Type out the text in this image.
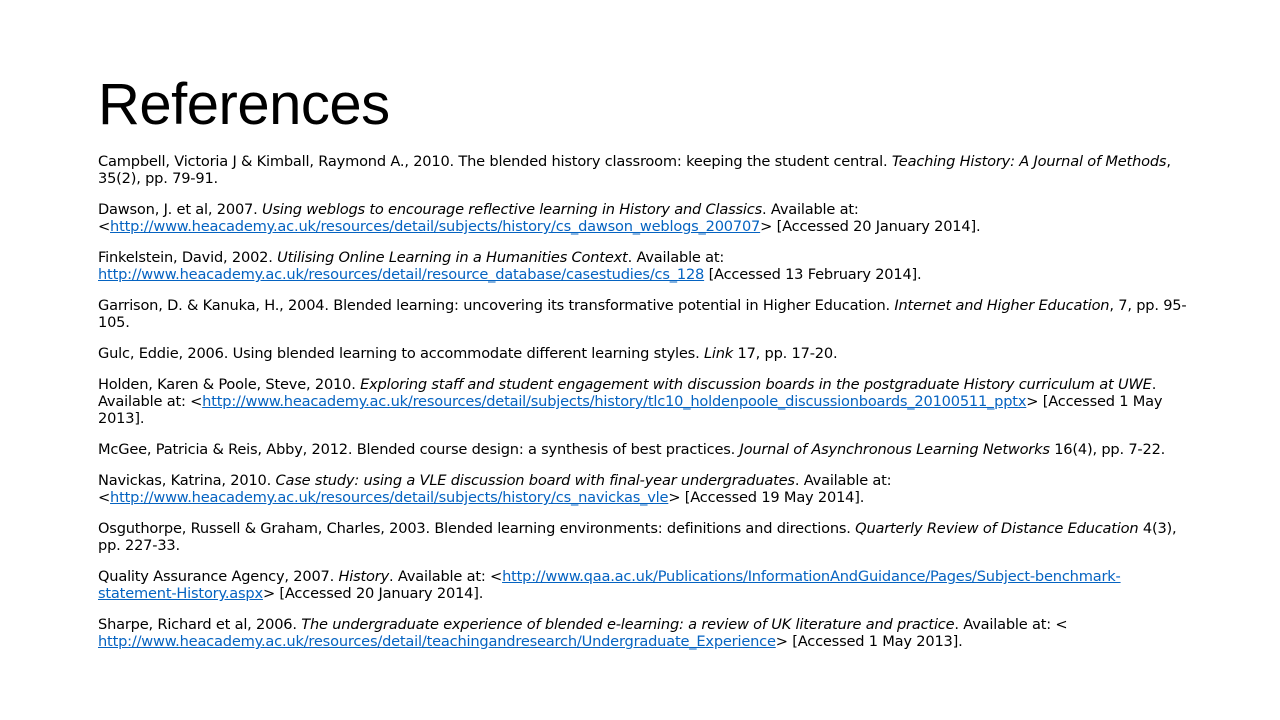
References

Campbell, Victoria J & Kimball, Raymond A., 2010. The blended history classroom: keeping the student central. Teaching History: A Journal of Methods, 35(2), pp. 79-91.

Dawson, J. et al, 2007. Using weblogs to encourage reflective learning in History and Classics. Available at: <http://www.heacademy.ac.uk/resources/detail/subjects/history/cs_dawson_weblogs_200707> [Accessed 20 January 2014].

Finkelstein, David, 2002. Utilising Online Learning in a Humanities Context. Available at: http://www.heacademy.ac.uk/resources/detail/resource_database/casestudies/cs_128 [Accessed 13 February 2014].

Garrison, D. & Kanuka, H., 2004. Blended learning: uncovering its transformative potential in Higher Education. Internet and Higher Education, 7, pp. 95-105.

Gulc, Eddie, 2006. Using blended learning to accommodate different learning styles. Link 17, pp. 17-20.

Holden, Karen & Poole, Steve, 2010. Exploring staff and student engagement with discussion boards in the postgraduate History curriculum at UWE. Available at: <http://www.heacademy.ac.uk/resources/detail/subjects/history/tlc10_holdenpoole_discussionboards_20100511_pptx> [Accessed 1 May 2013].

McGee, Patricia & Reis, Abby, 2012. Blended course design: a synthesis of best practices. Journal of Asynchronous Learning Networks 16(4), pp. 7-22.

Navickas, Katrina, 2010. Case study: using a VLE discussion board with final-year undergraduates. Available at: <http://www.heacademy.ac.uk/resources/detail/subjects/history/cs_navickas_vle> [Accessed 19 May 2014].

Osguthorpe, Russell & Graham, Charles, 2003. Blended learning environments: definitions and directions. Quarterly Review of Distance Education 4(3), pp. 227-33.

Quality Assurance Agency, 2007. History. Available at: <http://www.qaa.ac.uk/Publications/InformationAndGuidance/Pages/Subject-benchmark-statement-History.aspx> [Accessed 20 January 2014].

Sharpe, Richard et al, 2006. The undergraduate experience of blended e-learning: a review of UK literature and practice. Available at: < http://www.heacademy.ac.uk/resources/detail/teachingandresearch/Undergraduate_Experience> [Accessed 1 May 2013].
